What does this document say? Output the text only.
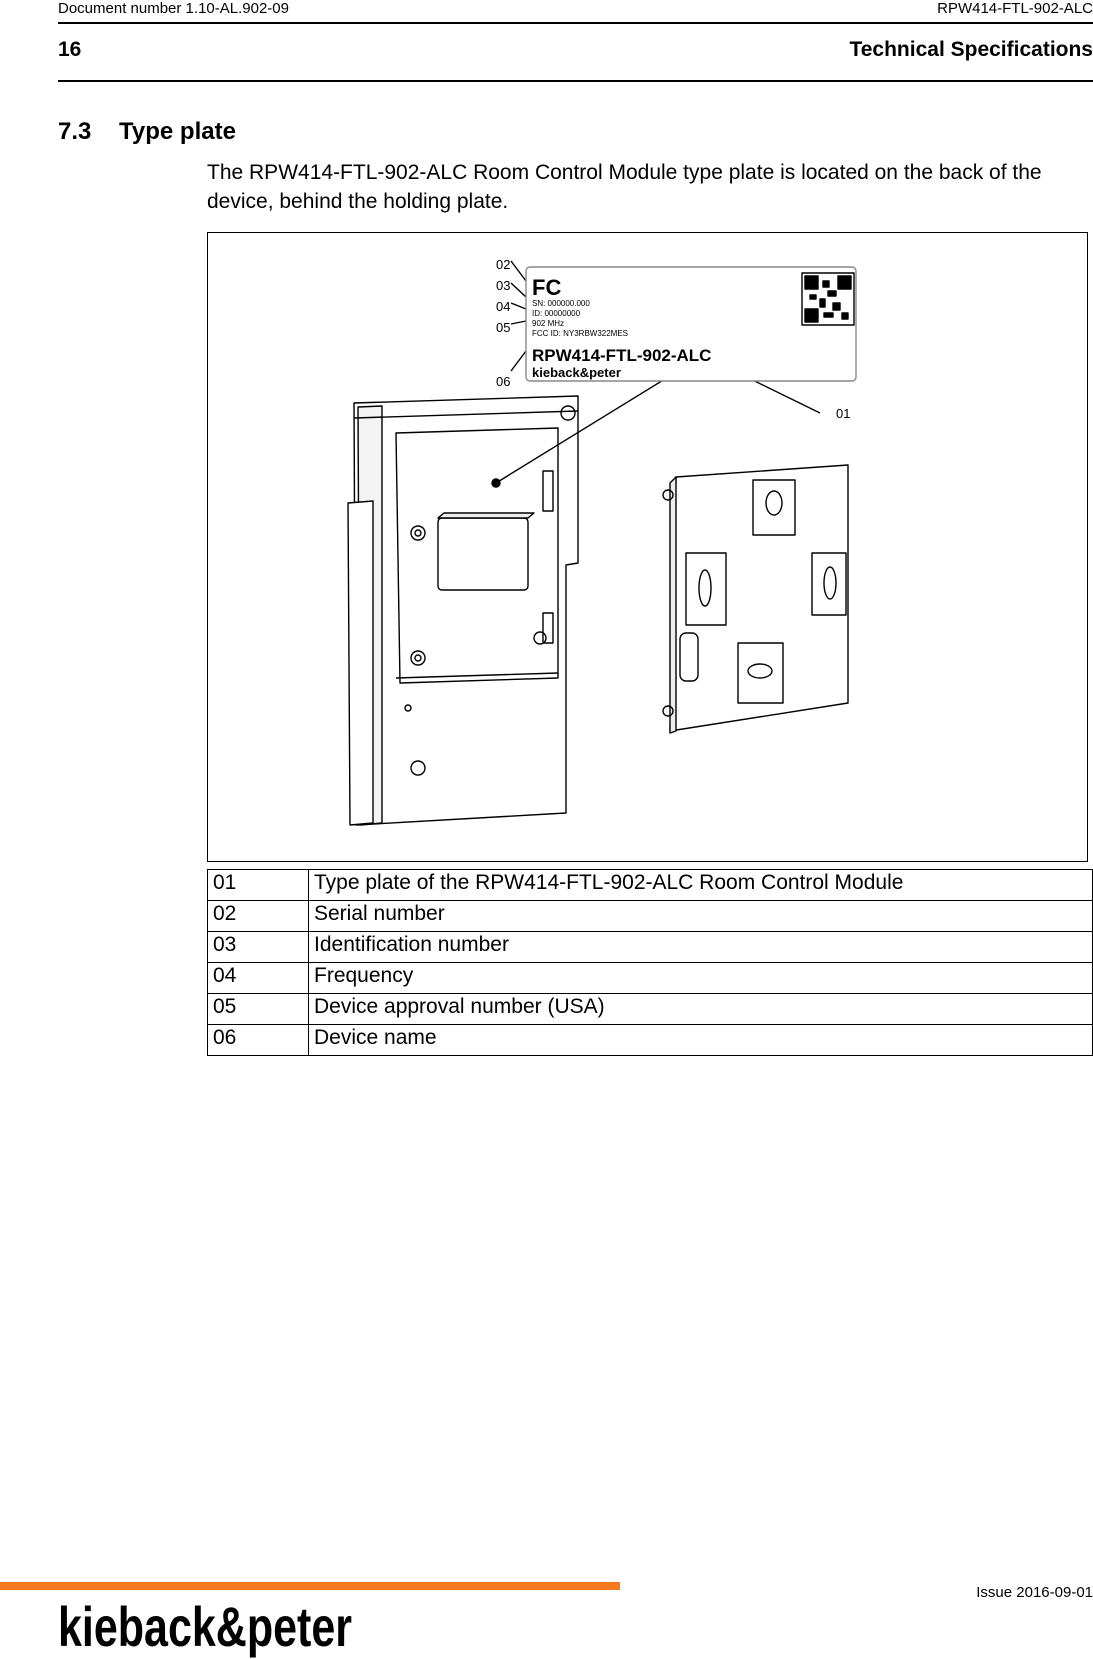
Document number 1.10-AL.902-09	RPW414-FTL-902-ALC
16	Technical Specifications
7.3 Type plate
The RPW414-FTL-902-ALC Room Control Module type plate is located on the back of the device, behind the holding plate.
02
03
04
05
06
01
FC
SN: 000000.000
ID: 00000000
902 MHz
FCC ID: NY3RBW322MES
RPW414-FTL-902-ALC
kieback&peter
01	Type plate of the RPW414-FTL-902-ALC Room Control Module
02	Serial number
03	Identification number
04	Frequency
05	Device approval number (USA)
06	Device name
Issue 2016-09-01
kieback&peter
